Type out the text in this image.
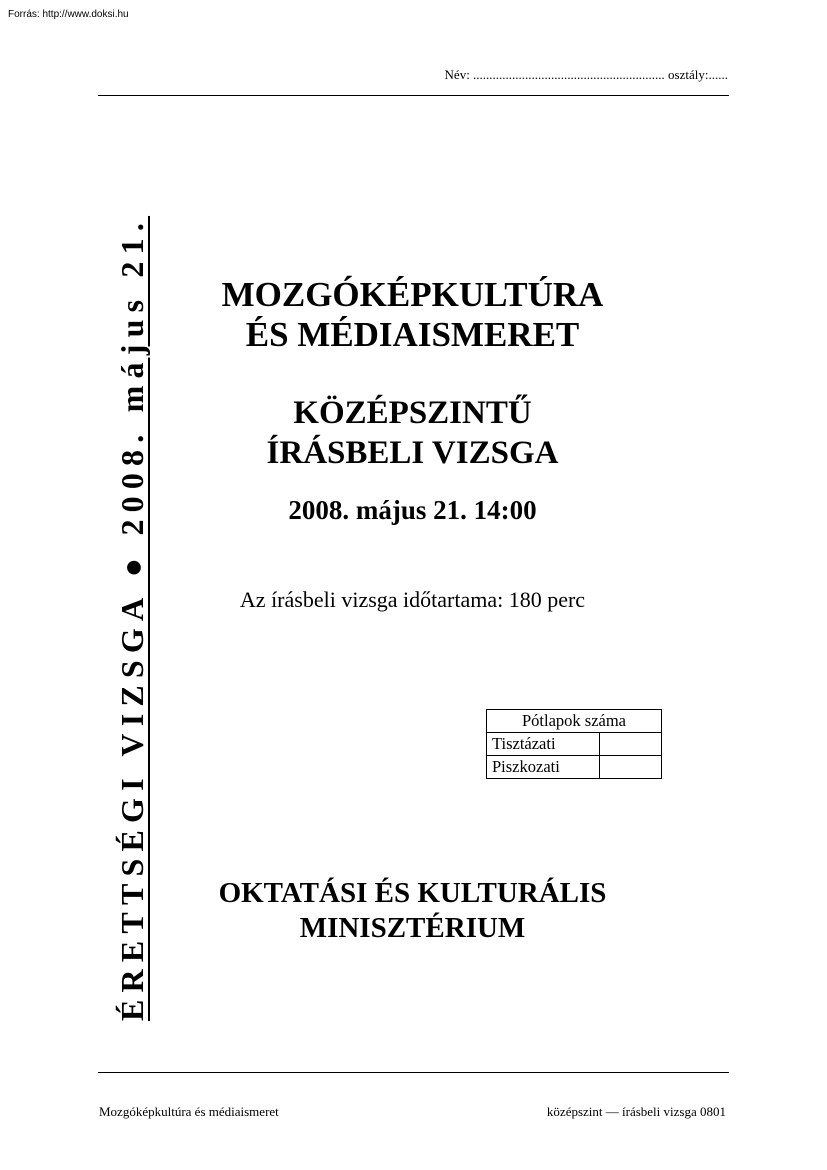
Forrás: http://www.doksi.hu
Név: ........................................................... osztály:......
ÉRETTSÉGI VIZSGA ● 2008. május 21.	MOZGÓKÉPKULTÚRA
ÉS MÉDIAISMERET
KÖZÉPSZINTŰ
ÍRÁSBELI VIZSGA
2008. május 21. 14:00
Az írásbeli vizsga időtartama: 180 perc
Pótlapok száma	
Tisztázati	
Piszkozati	
OKTATÁSI ÉS KULTURÁLIS
MINISZTÉRIUM
Mozgóképkultúra és médiaismeret	középszint — írásbeli vizsga 0801
